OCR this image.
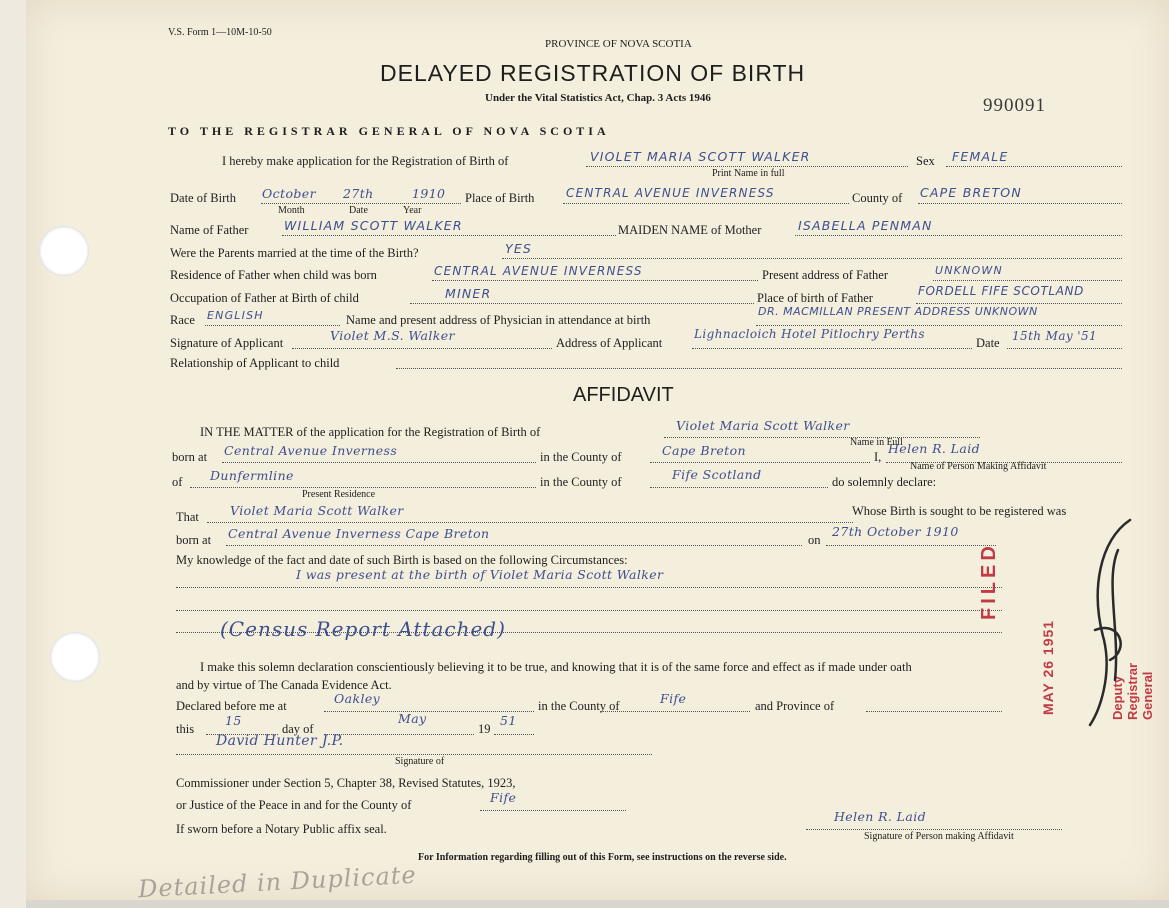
V.S. Form 1—10M-10-50
PROVINCE OF NOVA SCOTIA
DELAYED REGISTRATION OF BIRTH
Under the Vital Statistics Act, Chap. 3 Acts 1946	990091
TO THE REGISTRAR GENERAL OF NOVA SCOTIA
I hereby make application for the Registration of Birth of	VIOLET MARIA SCOTT WALKER
Print Name in full
Sex FEMALE
Date of Birth October 27th	1910
Month	Date	Year
Place of Birth	CENTRAL AVENUE INVERNESS	County of CAPE BRETON
Name of Father	WILLIAM SCOTT WALKER	MAIDEN NAME of Mother	ISABELLA PENMAN
Were the Parents married at the time of the Birth?	YES
Residence of Father when child was born	CENTRAL AVENUE INVERNESS	Present address of Father	UNKNOWN
Occupation of Father at Birth of child	MINER	Place of birth of Father	FORDELL FIFE SCOTLAND
Race ENGLISH	Name and present address of Physician in attendance at birth
DR. MACMILLAN PRESENT ADDRESS UNKNOWN
Signature of Applicant	Violet M.S. Walker	Address of Applicant
Lighnacloich Hotel Pitlochry Perths
Date 15th May '51
Relationship of Applicant to child
AFFIDAVIT
IN THE MATTER of the application for the Registration of Birth of	Violet Maria Scott Walker
Name in Full
born at Central Avenue Inverness	in the County of	Cape Breton	I,
Helen R. Laid
Name of Person Making Affidavit
of Dunfermline
Present Residence
in the County of	Fife Scotland	do solemnly declare:
That Violet Maria Scott Walker	Whose Birth is sought to be registered was
born at Central Avenue Inverness Cape Breton	on
27th October 1910
My knowledge of the fact and date of such Birth is based on the following Circumstances:
I was present at the birth of Violet Maria Scott Walker
(Census Report Attached)
I make this solemn declaration conscientiously believing it to be true, and knowing that it is of the same force and effect as if made under oath
and by virtue of The Canada Evidence Act.
Declared before me at	Oakley	in the County of	Fife	and Province of
this
15
day of
May
19
51
David Hunter J.P.
Signature of
Commissioner under Section 5, Chapter 38, Revised Statutes, 1923,
or Justice of the Peace in and for the County of	Fife
If sworn before a Notary Public affix seal.
Helen R. Laid
Signature of Person making Affidavit
For Information regarding filling out of this Form, see instructions on the reverse side.
Detailed in Duplicate
FILED
MAY 26 1951	Deputy Registrar General
